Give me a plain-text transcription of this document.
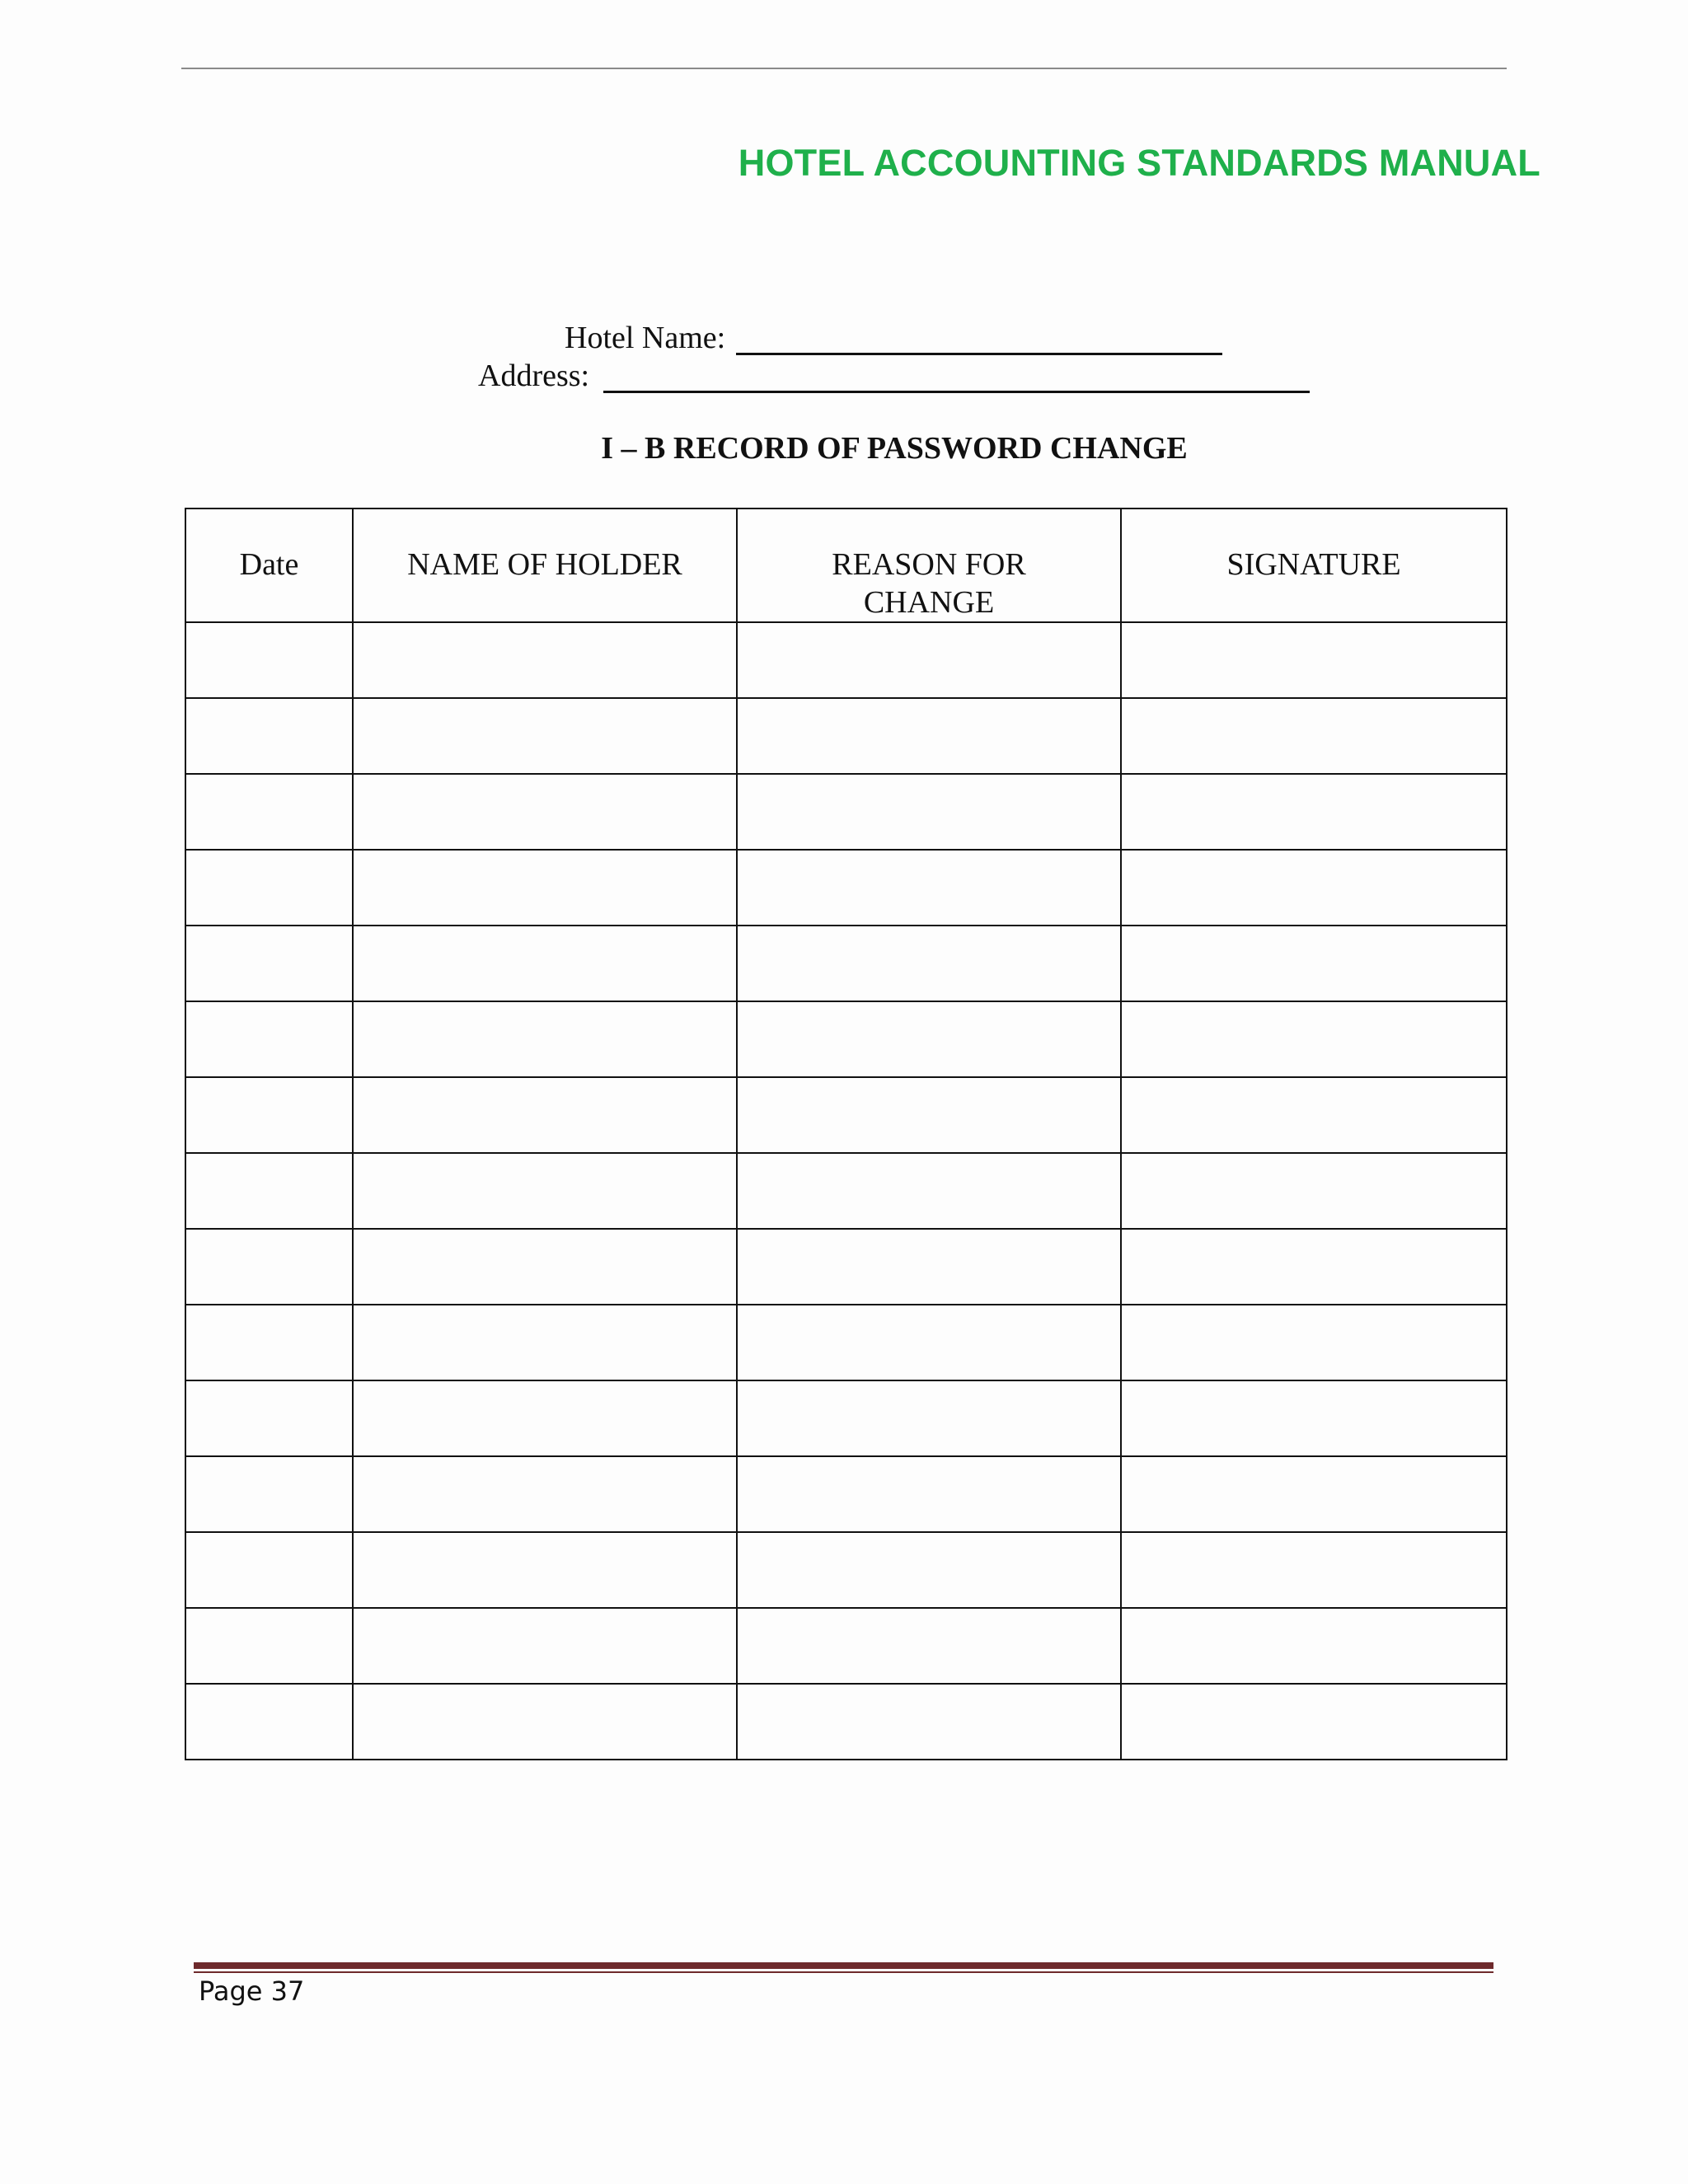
HOTEL ACCOUNTING STANDARDS MANUAL
Hotel Name:
Address:
I – B RECORD OF PASSWORD CHANGE
Date	NAME OF HOLDER	REASON FOR CHANGE	SIGNATURE

Page 37
